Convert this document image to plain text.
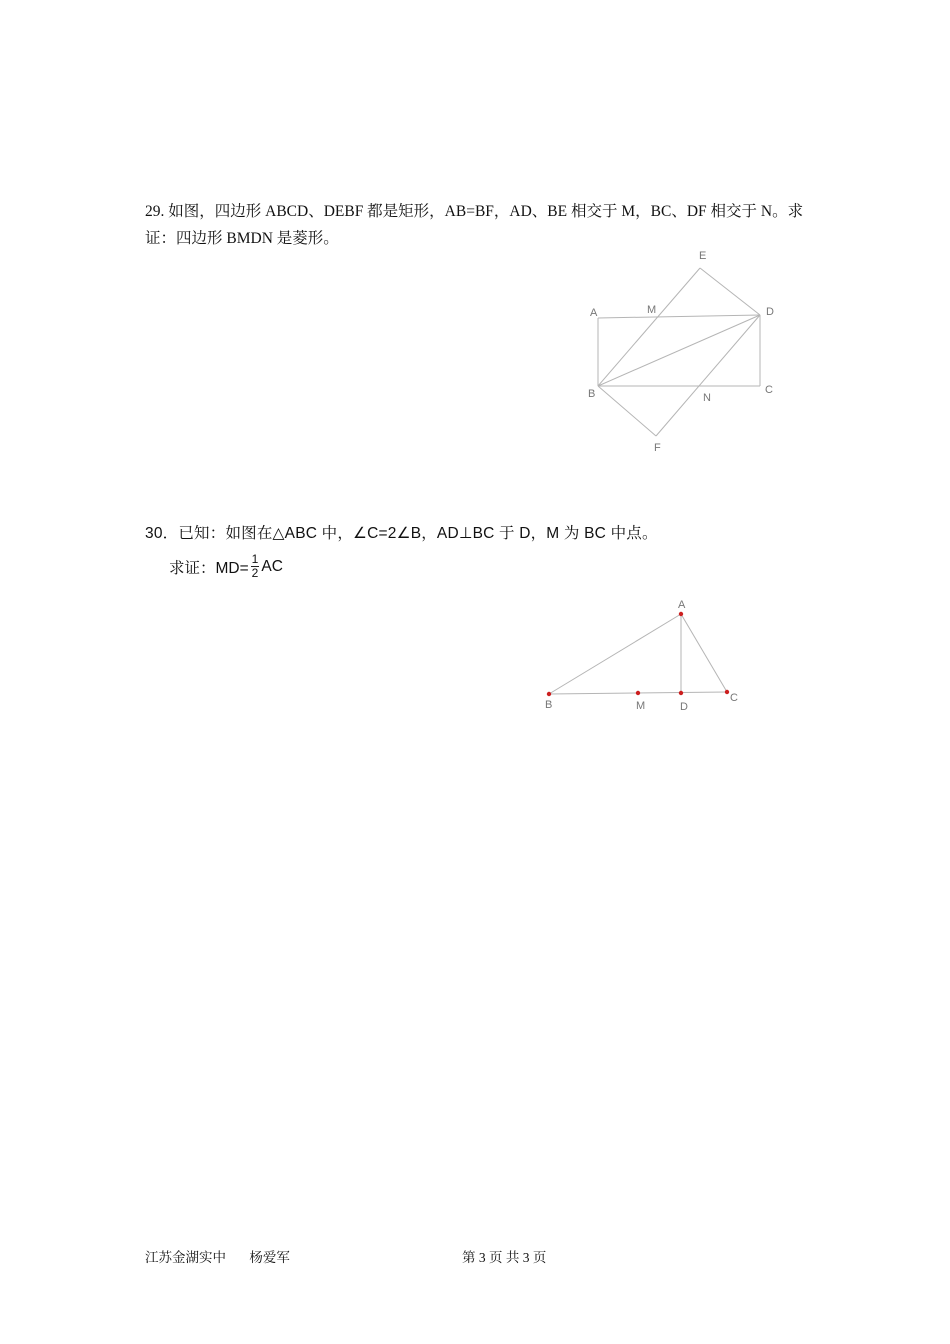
29. 如图，四边形 ABCD、DEBF 都是矩形，AB=BF，AD、BE 相交于 M，BC、DF 相交于 N。求
证：四边形 BMDN 是菱形。
E
A	M	D
B	N
C
F
30．已知：如图在△ABC 中，∠C=2∠B，AD⊥BC 于 D，M 为 BC 中点。
求证：$MD= \frac{1}{2}$ AC
A
B	M	D
C
江苏金湖实中 杨爱军	第 3 页 共 3 页
